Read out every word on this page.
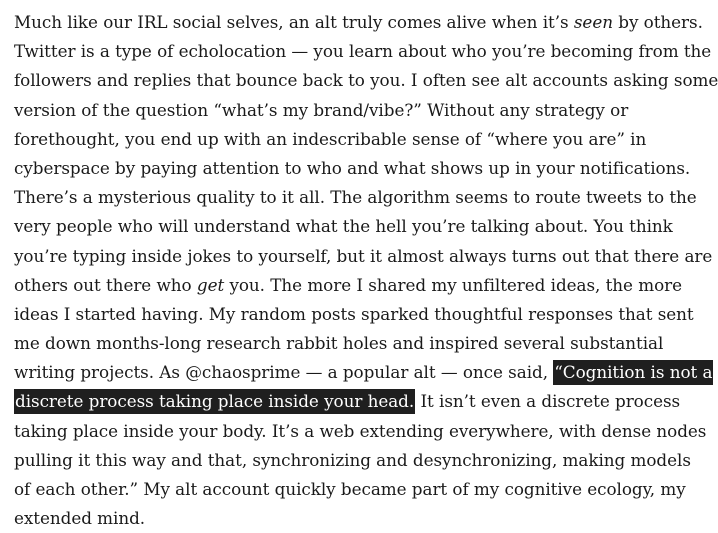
Much like our IRL social selves, an alt truly comes alive when it’s seen by others.
Twitter is a type of echolocation — you learn about who you’re becoming from the
followers and replies that bounce back to you. I often see alt accounts asking some
version of the question “what’s my brand/vibe?” Without any strategy or
forethought, you end up with an indescribable sense of “where you are” in
cyberspace by paying attention to who and what shows up in your notifications.
There’s a mysterious quality to it all. The algorithm seems to route tweets to the
very people who will understand what the hell you’re talking about. You think
you’re typing inside jokes to yourself, but it almost always turns out that there are
others out there who get you. The more I shared my unfiltered ideas, the more
ideas I started having. My random posts sparked thoughtful responses that sent
me down months-long research rabbit holes and inspired several substantial
writing projects. As @chaosprime — a popular alt — once said, “Cognition is not a
discrete process taking place inside your head. It isn’t even a discrete process
taking place inside your body. It’s a web extending everywhere, with dense nodes
pulling it this way and that, synchronizing and desynchronizing, making models
of each other.” My alt account quickly became part of my cognitive ecology, my
extended mind.
